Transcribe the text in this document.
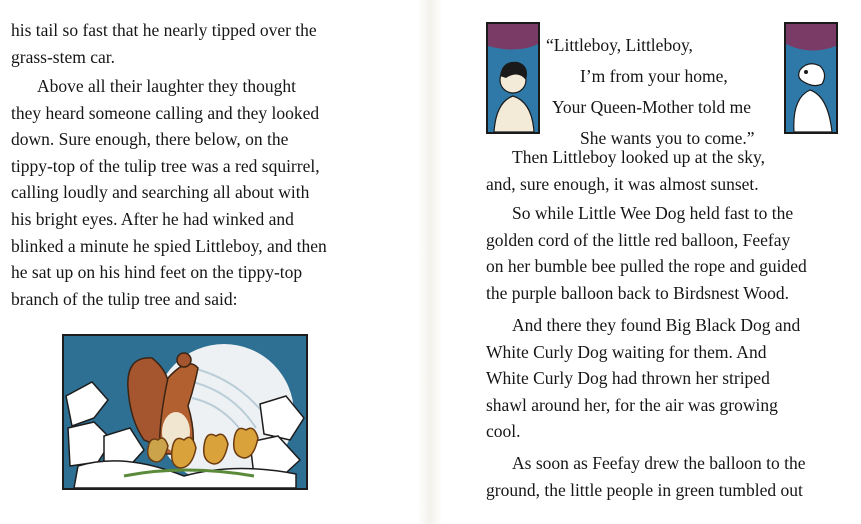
his tail so fast that he nearly tipped over the
grass-stem car.

Above all their laughter they thought
they heard someone calling and they looked
down. Sure enough, there below, on the
tippy-top of the tulip tree was a red squirrel,
calling loudly and searching all about with
his bright eyes. After he had winked and
blinked a minute he spied Littleboy, and then
he sat up on his hind feet on the tippy-top
branch of the tulip tree and said:

“Littleboy, Littleboy,
I’m from your home,
Your Queen-Mother told me
She wants you to come.”

Then Littleboy looked up at the sky,
and, sure enough, it was almost sunset.

So while Little Wee Dog held fast to the
golden cord of the little red balloon, Feefay
on her bumble bee pulled the rope and guided
the purple balloon back to Birdsnest Wood.

And there they found Big Black Dog and
White Curly Dog waiting for them. And
White Curly Dog had thrown her striped
shawl around her, for the air was growing
cool.

As soon as Feefay drew the balloon to the
ground, the little people in green tumbled out
